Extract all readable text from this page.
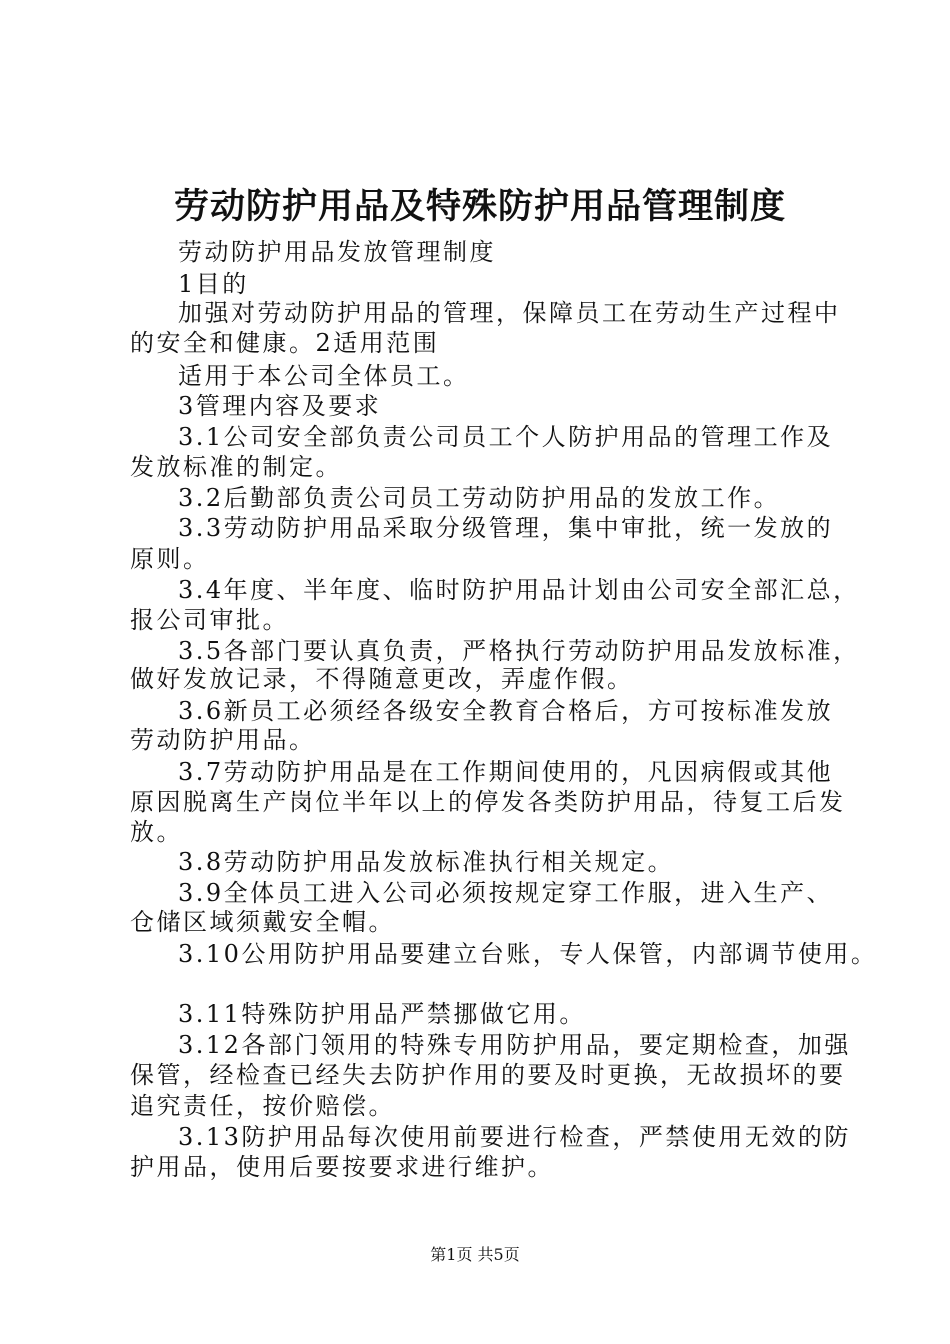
劳动防护用品及特殊防护用品管理制度
劳动防护用品发放管理制度
1目的
加强对劳动防护用品的管理，保障员工在劳动生产过程中
的安全和健康。2适用范围
适用于本公司全体员工。
3管理内容及要求
3.1公司安全部负责公司员工个人防护用品的管理工作及
发放标准的制定。
3.2后勤部负责公司员工劳动防护用品的发放工作。
3.3劳动防护用品采取分级管理，集中审批，统一发放的
原则。
3.4年度、半年度、临时防护用品计划由公司安全部汇总，
报公司审批。
3.5各部门要认真负责，严格执行劳动防护用品发放标准，
做好发放记录，不得随意更改，弄虚作假。
3.6新员工必须经各级安全教育合格后，方可按标准发放
劳动防护用品。
3.7劳动防护用品是在工作期间使用的，凡因病假或其他
原因脱离生产岗位半年以上的停发各类防护用品，待复工后发
放。
3.8劳动防护用品发放标准执行相关规定。
3.9全体员工进入公司必须按规定穿工作服，进入生产、
仓储区域须戴安全帽。
3.10公用防护用品要建立台账，专人保管，内部调节使用。
3.11特殊防护用品严禁挪做它用。
3.12各部门领用的特殊专用防护用品，要定期检查，加强
保管，经检查已经失去防护作用的要及时更换，无故损坏的要
追究责任，按价赔偿。
3.13防护用品每次使用前要进行检查，严禁使用无效的防
护用品，使用后要按要求进行维护。
第1页 共5页
